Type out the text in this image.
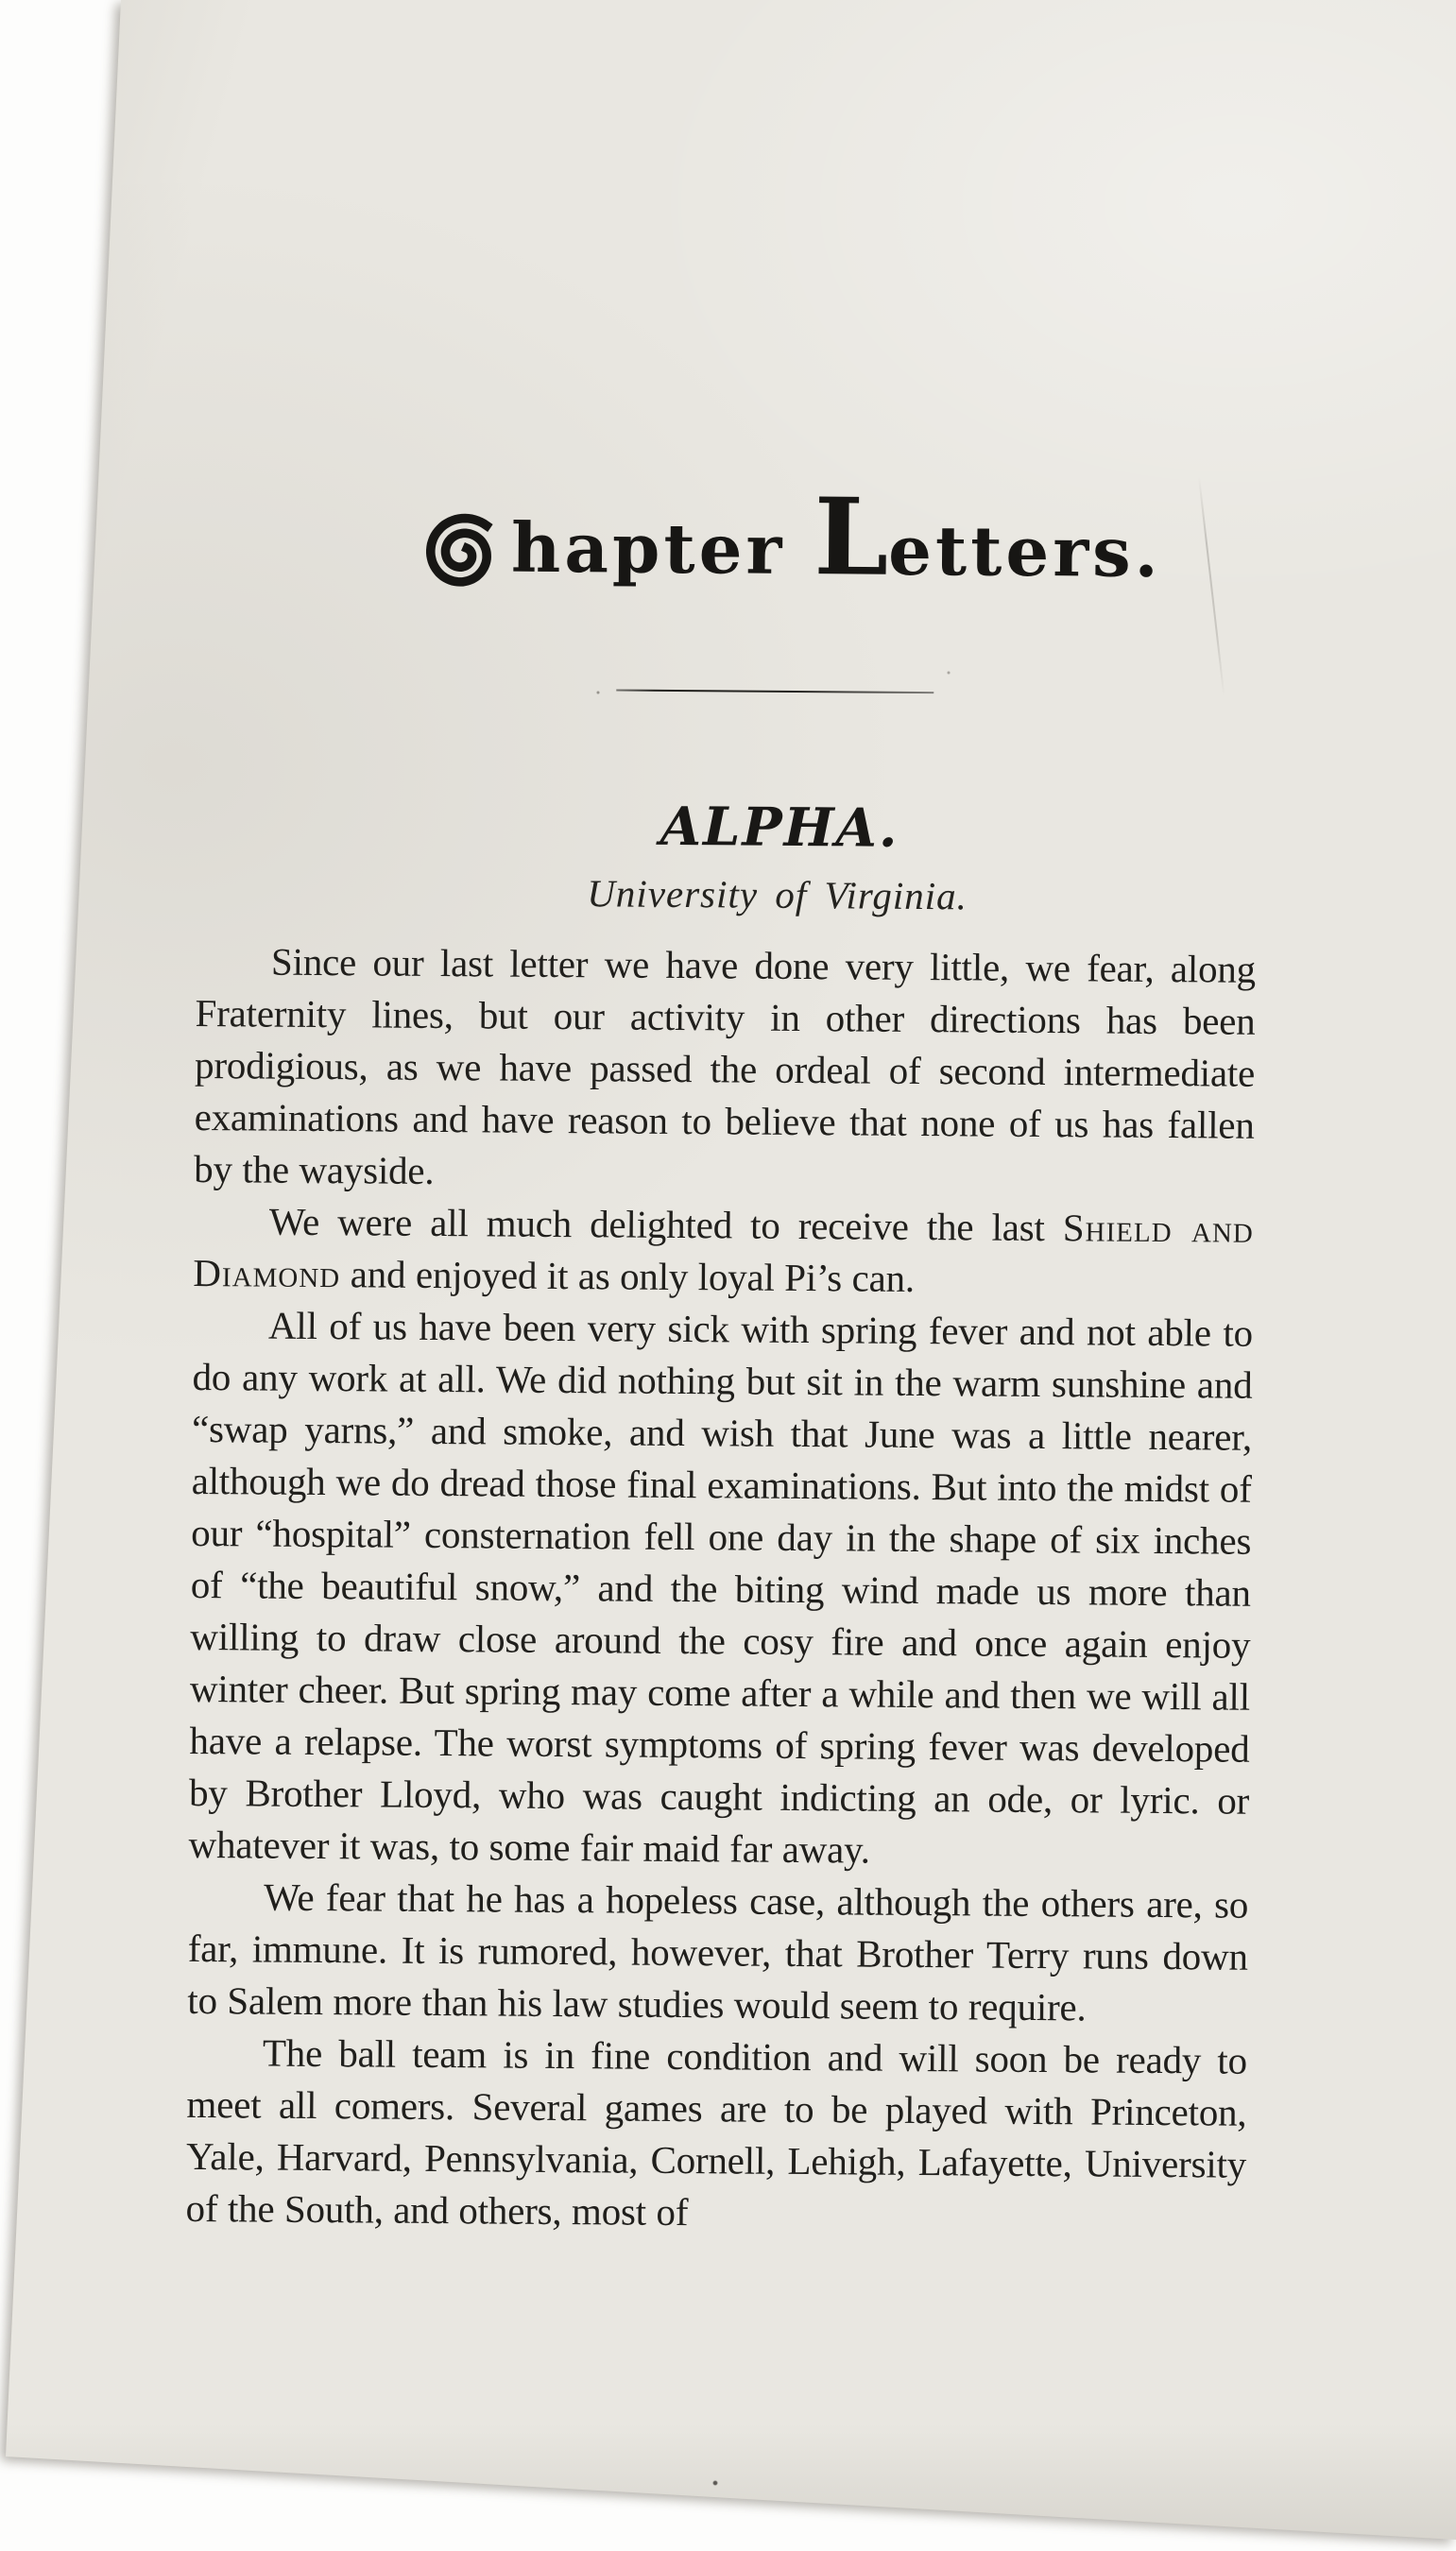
hapter Letters.
ALPHA.
University of Virginia.

Since our last letter we have done very little, we fear, along Fraternity lines, but our activity in other directions has been prodigious, as we have passed the ordeal of second intermediate examinations and have reason to believe that none of us has fallen by the wayside.

We were all much delighted to receive the last Shield and Diamond and enjoyed it as only loyal Pi’s can.

All of us have been very sick with spring fever and not able to do any work at all. We did nothing but sit in the warm sunshine and “swap yarns,” and smoke, and wish that June was a little nearer, although we do dread those final examinations. But into the midst of our “hospital” consternation fell one day in the shape of six inches of “the beautiful snow,” and the biting wind made us more than willing to draw close around the cosy fire and once again enjoy winter cheer. But spring may come after a while and then we will all have a relapse. The worst symptoms of spring fever was developed by Brother Lloyd, who was caught indicting an ode, or lyric. or whatever it was, to some fair maid far away.

We fear that he has a hopeless case, although the others are, so far, immune. It is rumored, however, that Brother Terry runs down to Salem more than his law studies would seem to require.

The ball team is in fine condition and will soon be ready to meet all comers. Several games are to be played with Princeton, Yale, Harvard, Pennsylvania, Cornell, Lehigh, Lafayette, University of the South, and others, most of
